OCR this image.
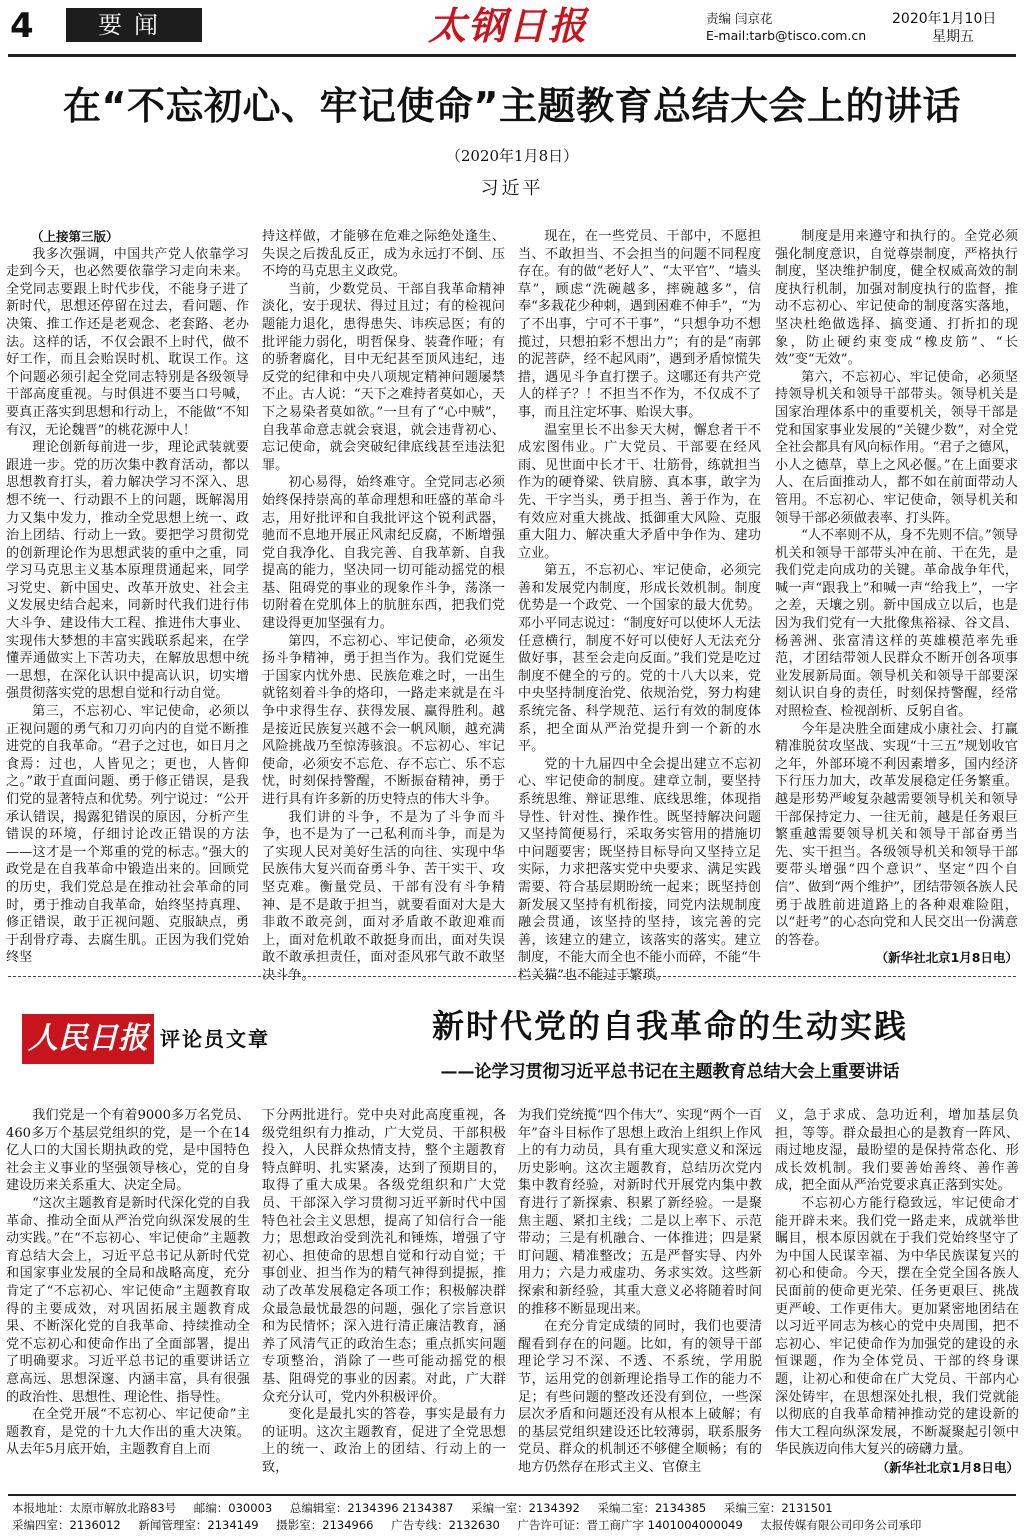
4	要闻	太钢日报	责编 闫京花
E-mail:tarb@tisco.com.cn
2020年1月10日
星期五
在“不忘初心、牢记使命”主题教育总结大会上的讲话
（2020年1月8日）
习近平

（上接第三版）

我多次强调，中国共产党人依靠学习走到今天，也必然要依靠学习走向未来。全党同志要跟上时代步伐，不能身子进了新时代，思想还停留在过去，看问题、作决策、推工作还是老观念、老套路、老办法。这样的话，不仅会跟不上时代，做不好工作，而且会贻误时机、耽误工作。这个问题必须引起全党同志特别是各级领导干部高度重视。与时俱进不要当口号喊，要真正落实到思想和行动上，不能做“不知有汉，无论魏晋”的桃花源中人！

理论创新每前进一步，理论武装就要跟进一步。党的历次集中教育活动，都以思想教育打头，着力解决学习不深入、思想不统一、行动跟不上的问题，既解渴用力又集中发力，推动全党思想上统一、政治上团结、行动上一致。要把学习贯彻党的创新理论作为思想武装的重中之重，同学习马克思主义基本原理贯通起来，同学习党史、新中国史、改革开放史、社会主义发展史结合起来，同新时代我们进行伟大斗争、建设伟大工程、推进伟大事业、实现伟大梦想的丰富实践联系起来，在学懂弄通做实上下苦功夫，在解放思想中统一思想，在深化认识中提高认识，切实增强贯彻落实党的思想自觉和行动自觉。

第三，不忘初心、牢记使命，必须以正视问题的勇气和刀刃向内的自觉不断推进党的自我革命。“君子之过也，如日月之食焉：过也，人皆见之；更也，人皆仰之。”敢于直面问题、勇于修正错误，是我们党的显著特点和优势。列宁说过：“公开承认错误，揭露犯错误的原因，分析产生错误的环境，仔细讨论改正错误的方法——这才是一个郑重的党的标志。”强大的政党是在自我革命中锻造出来的。回顾党的历史，我们党总是在推动社会革命的同时，勇于推动自我革命，始终坚持真理、修正错误，敢于正视问题、克服缺点，勇于刮骨疗毒、去腐生肌。正因为我们党始终坚

持这样做，才能够在危难之际绝处逢生、失误之后拨乱反正，成为永远打不倒、压不垮的马克思主义政党。

当前，少数党员、干部自我革命精神淡化，安于现状、得过且过；有的检视问题能力退化，患得患失、讳疾忌医；有的批评能力弱化，明哲保身、装聋作哑；有的骄奢腐化，目中无纪甚至顶风违纪，违反党的纪律和中央八项规定精神问题屡禁不止。古人说：“天下之难持者莫如心，天下之易染者莫如欲。”一旦有了“心中贼”，自我革命意志就会衰退，就会违背初心、忘记使命，就会突破纪律底线甚至违法犯罪。

初心易得，始终难守。全党同志必须始终保持崇高的革命理想和旺盛的革命斗志，用好批评和自我批评这个锐利武器，驰而不息地开展正风肃纪反腐，不断增强党自我净化、自我完善、自我革新、自我提高的能力，坚决同一切可能动摇党的根基、阻碍党的事业的现象作斗争，荡涤一切附着在党肌体上的肮脏东西，把我们党建设得更加坚强有力。

第四，不忘初心、牢记使命，必须发扬斗争精神，勇于担当作为。我们党诞生于国家内忧外患、民族危难之时，一出生就铭刻着斗争的烙印，一路走来就是在斗争中求得生存、获得发展、赢得胜利。越是接近民族复兴越不会一帆风顺，越充满风险挑战乃至惊涛骇浪。不忘初心、牢记使命，必须安不忘危、存不忘亡、乐不忘忧，时刻保持警醒，不断振奋精神，勇于进行具有许多新的历史特点的伟大斗争。

我们讲的斗争，不是为了斗争而斗争，也不是为了一己私利而斗争，而是为了实现人民对美好生活的向往、实现中华民族伟大复兴而奋勇斗争、苦干实干、攻坚克难。衡量党员、干部有没有斗争精神、是不是敢于担当，就要看面对大是大非敢不敢亮剑，面对矛盾敢不敢迎难而上，面对危机敢不敢挺身而出，面对失误敢不敢承担责任，面对歪风邪气敢不敢坚决斗争。

现在，在一些党员、干部中，不愿担当、不敢担当、不会担当的问题不同程度存在。有的做“老好人”、“太平官”、“墙头草”，顾虑“洗碗越多，摔碗越多”，信奉“多栽花少种刺，遇到困难不伸手”，“为了不出事，宁可不干事”，“只想争功不想揽过，只想拍彩不想出力”；有的是“南郭的泥菩萨，经不起风雨”，遇到矛盾惊慌失措，遇见斗争直打摆子。这哪还有共产党人的样子？！不担当不作为，不仅成不了事，而且注定坏事、贻误大事。

温室里长不出参天大树，懈怠者干不成宏图伟业。广大党员、干部要在经风雨、见世面中长才干、壮筋骨，练就担当作为的硬脊梁、铁肩膀、真本事，敢字为先、干字当头，勇于担当、善于作为，在有效应对重大挑战、抵御重大风险、克服重大阻力、解决重大矛盾中争作为、建功立业。

第五，不忘初心、牢记使命，必须完善和发展党内制度，形成长效机制。制度优势是一个政党、一个国家的最大优势。邓小平同志说过：“制度好可以使坏人无法任意横行，制度不好可以使好人无法充分做好事，甚至会走向反面。”我们党是吃过制度不健全的亏的。党的十八大以来，党中央坚持制度治党、依规治党，努力构建系统完备、科学规范、运行有效的制度体系，把全面从严治党提升到一个新的水平。

党的十九届四中全会提出建立不忘初心、牢记使命的制度。建章立制，要坚持系统思维、辩证思维、底线思维，体现指导性、针对性、操作性。既坚持解决问题又坚持简便易行，采取务实管用的措施切中问题要害；既坚持目标导向又坚持立足实际，力求把落实党中央要求、满足实践需要、符合基层期盼统一起来；既坚持创新发展又坚持有机衔接，同党内法规制度融会贯通，该坚持的坚持，该完善的完善，该建立的建立，该落实的落实。建立制度，不能大而全也不能小而碎，不能“牛栏关猫”也不能过于繁琐。

制度是用来遵守和执行的。全党必须强化制度意识，自觉尊崇制度，严格执行制度，坚决维护制度，健全权威高效的制度执行机制，加强对制度执行的监督，推动不忘初心、牢记使命的制度落实落地，坚决杜绝做选择、搞变通、打折扣的现象，防止硬约束变成“橡皮筋”、“长效”变“无效”。

第六，不忘初心、牢记使命，必须坚持领导机关和领导干部带头。领导机关是国家治理体系中的重要机关，领导干部是党和国家事业发展的“关键少数”，对全党全社会都具有风向标作用。“君子之德风，小人之德草，草上之风必偃。”在上面要求人、在后面推动人，都不如在前面带动人管用。不忘初心、牢记使命，领导机关和领导干部必须做表率、打头阵。

“人不率则不从，身不先则不信。”领导机关和领导干部带头冲在前、干在先，是我们党走向成功的关键。革命战争年代，喊一声“跟我上”和喊一声“给我上”，一字之差，天壤之别。新中国成立以后，也是因为我们党有一大批像焦裕禄、谷文昌、杨善洲、张富清这样的英雄模范率先垂范，才团结带领人民群众不断开创各项事业发展新局面。领导机关和领导干部要深刻认识自身的责任，时刻保持警醒，经常对照检查、检视剖析、反躬自省。

今年是决胜全面建成小康社会、打赢精准脱贫攻坚战、实现“十三五”规划收官之年，外部环境不利因素增多，国内经济下行压力加大，改革发展稳定任务繁重。越是形势严峻复杂越需要领导机关和领导干部保持定力、一往无前，越是任务艰巨繁重越需要领导机关和领导干部奋勇当先、实干担当。各级领导机关和领导干部要带头增强“四个意识”、坚定“四个自信”、做到“两个维护”，团结带领各族人民勇于战胜前进道路上的各种艰难险阻，以“赶考”的心态向党和人民交出一份满意的答卷。

（新华社北京1月8日电）

人民日报 评论员文章	新时代党的自我革命的生动实践
——论学习贯彻习近平总书记在主题教育总结大会上重要讲话

我们党是一个有着9000多万名党员、460多万个基层党组织的党，是一个在14亿人口的大国长期执政的党，是中国特色社会主义事业的坚强领导核心，党的自身建设历来关系重大、决定全局。

“这次主题教育是新时代深化党的自我革命、推动全面从严治党向纵深发展的生动实践。”在“不忘初心、牢记使命”主题教育总结大会上，习近平总书记从新时代党和国家事业发展的全局和战略高度，充分肯定了“不忘初心、牢记使命”主题教育取得的主要成效，对巩固拓展主题教育成果、不断深化党的自我革命、持续推动全党不忘初心和使命作出了全面部署，提出了明确要求。习近平总书记的重要讲话立意高远、思想深邃、内涵丰富，具有很强的政治性、思想性、理论性、指导性。

在全党开展“不忘初心、牢记使命”主题教育，是党的十九大作出的重大决策。从去年5月底开始，主题教育自上而

下分两批进行。党中央对此高度重视，各级党组织有力推动，广大党员、干部积极投入，人民群众热情支持，整个主题教育特点鲜明、扎实紧凑，达到了预期目的，取得了重大成果。各级党组织和广大党员、干部深入学习贯彻习近平新时代中国特色社会主义思想，提高了知信行合一能力；思想政治受到洗礼和锤炼，增强了守初心、担使命的思想自觉和行动自觉；干事创业、担当作为的精气神得到提振，推动了改革发展稳定各项工作；积极解决群众最急最忧最怨的问题，强化了宗旨意识和为民情怀；深入进行清正廉洁教育，涵养了风清气正的政治生态；重点抓实问题专项整治，消除了一些可能动摇党的根基、阻碍党的事业的因素。对此，广大群众充分认可，党内外积极评价。

变化是最扎实的答卷，事实是最有力的证明。这次主题教育，促进了全党思想上的统一、政治上的团结、行动上的一致，

为我们党统揽“四个伟大”、实现“两个一百年”奋斗目标作了思想上政治上组织上作风上的有力动员，具有重大现实意义和深远历史影响。这次主题教育，总结历次党内集中教育经验，对新时代开展党内集中教育进行了新探索、积累了新经验。一是聚焦主题、紧扣主线；二是以上率下、示范带动；三是有机融合、一体推进；四是紧盯问题、精准整改；五是严督实导、内外用力；六是力戒虚功、务求实效。这些新探索和新经验，其重大意义必将随着时间的推移不断显现出来。

在充分肯定成绩的同时，我们也要清醒看到存在的问题。比如，有的领导干部理论学习不深、不透、不系统，学用脱节，运用党的创新理论指导工作的能力不足；有些问题的整改还没有到位，一些深层次矛盾和问题还没有从根本上破解；有的基层党组织建设还比较薄弱，联系服务党员、群众的机制还不够健全顺畅；有的地方仍然存在形式主义、官僚主

义，急于求成、急功近利，增加基层负担，等等。群众最担心的是教育一阵风、雨过地皮湿，最盼望的是保持常态化、形成长效机制。我们要善始善终、善作善成，把全面从严治党要求真正落到实处。

不忘初心方能行稳致远，牢记使命才能开辟未来。我们党一路走来，成就举世瞩目，根本原因就在于我们党始终坚守了为中国人民谋幸福、为中华民族谋复兴的初心和使命。今天，摆在全党全国各族人民面前的使命更光荣、任务更艰巨、挑战更严峻、工作更伟大。更加紧密地团结在以习近平同志为核心的党中央周围，把不忘初心、牢记使命作为加强党的建设的永恒课题，作为全体党员、干部的终身课题，让初心和使命在广大党员、干部内心深处铸牢，在思想深处扎根，我们党就能以彻底的自我革命精神推动党的建设新的伟大工程向纵深发展，不断凝聚起引领中华民族迈向伟大复兴的磅礴力量。

（新华社北京1月8日电）

本报地址：太原市解放北路83号 邮编：030003 总编辑室：2134396 2134387 采编一室：2134392 采编二室：2134385 采编三室：2131501
采编四室：2136012 新闻管理室：2134149 摄影室：2134966 广告专线：2132630 广告许可证：晋工商广字 1401004000049 太报传媒有限公司印务公司承印
